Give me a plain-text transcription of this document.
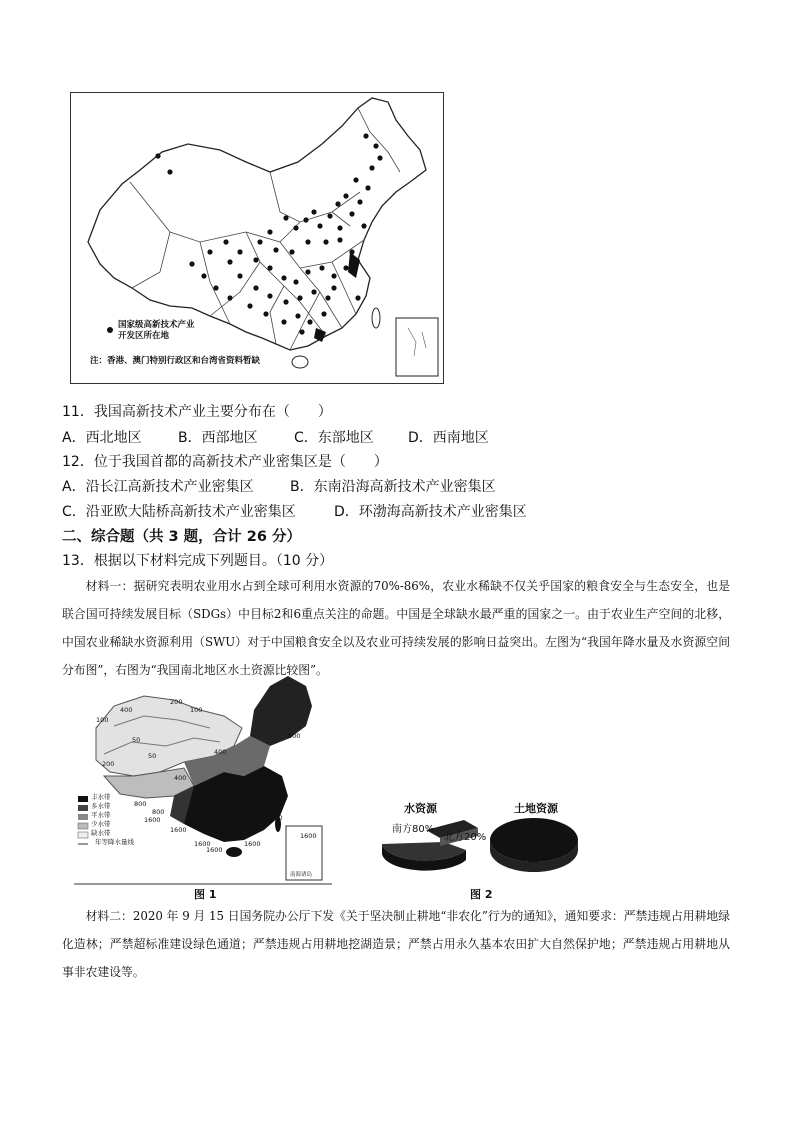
国家级高新技术产业
开发区所在地
注：香港、澳门特别行政区和台湾省资料暂缺
11．我国高新技术产业主要分布在（　　）
A．西北地区	B．西部地区	C．东部地区 D．西南地区
12．位于我国首都的高新技术产业密集区是（　　）
A．沿长江高新技术产业密集区	B．东南沿海高新技术产业密集区
C．沿亚欧大陆桥高新技术产业密集区	D．环渤海高新技术产业密集区
二、综合题（共 3 题，合计 26 分）
13．根据以下材料完成下列题目。（10 分）
材料一：据研究表明农业用水占到全球可利用水资源的70%-86%，农业水稀缺不仅关乎国家的粮食安全与生态安全，也是联合国可持续发展目标（SDGs）中目标2和6重点关注的命题。中国是全球缺水最严重的国家之一。由于农业生产空间的北移，中国农业稀缺水资源利用（SWU）对于中国粮食安全以及农业可持续发展的影响日益突出。左图为“我国年降水量及水资源空间分布图”，右图为“我国南北地区水土资源比较图”。
丰水带
多水带
平水带
少水带
缺水带
年等降水量线
400
200
100
100
50
400
200
50
400
800
800
1600
1600
1600
1600
800
1600
1600
1600
1600
南海诸岛
图 1
水资源	土地资源
南方80%
北方20%
图 2
材料二：2020 年 9 月 15 日国务院办公厅下发《关于坚决制止耕地“非农化”行为的通知》，通知要求：严禁违规占用耕地绿化造林；严禁超标准建设绿色通道；严禁违规占用耕地挖湖造景；严禁占用永久基本农田扩大自然保护地；严禁违规占用耕地从事非农建设等。
